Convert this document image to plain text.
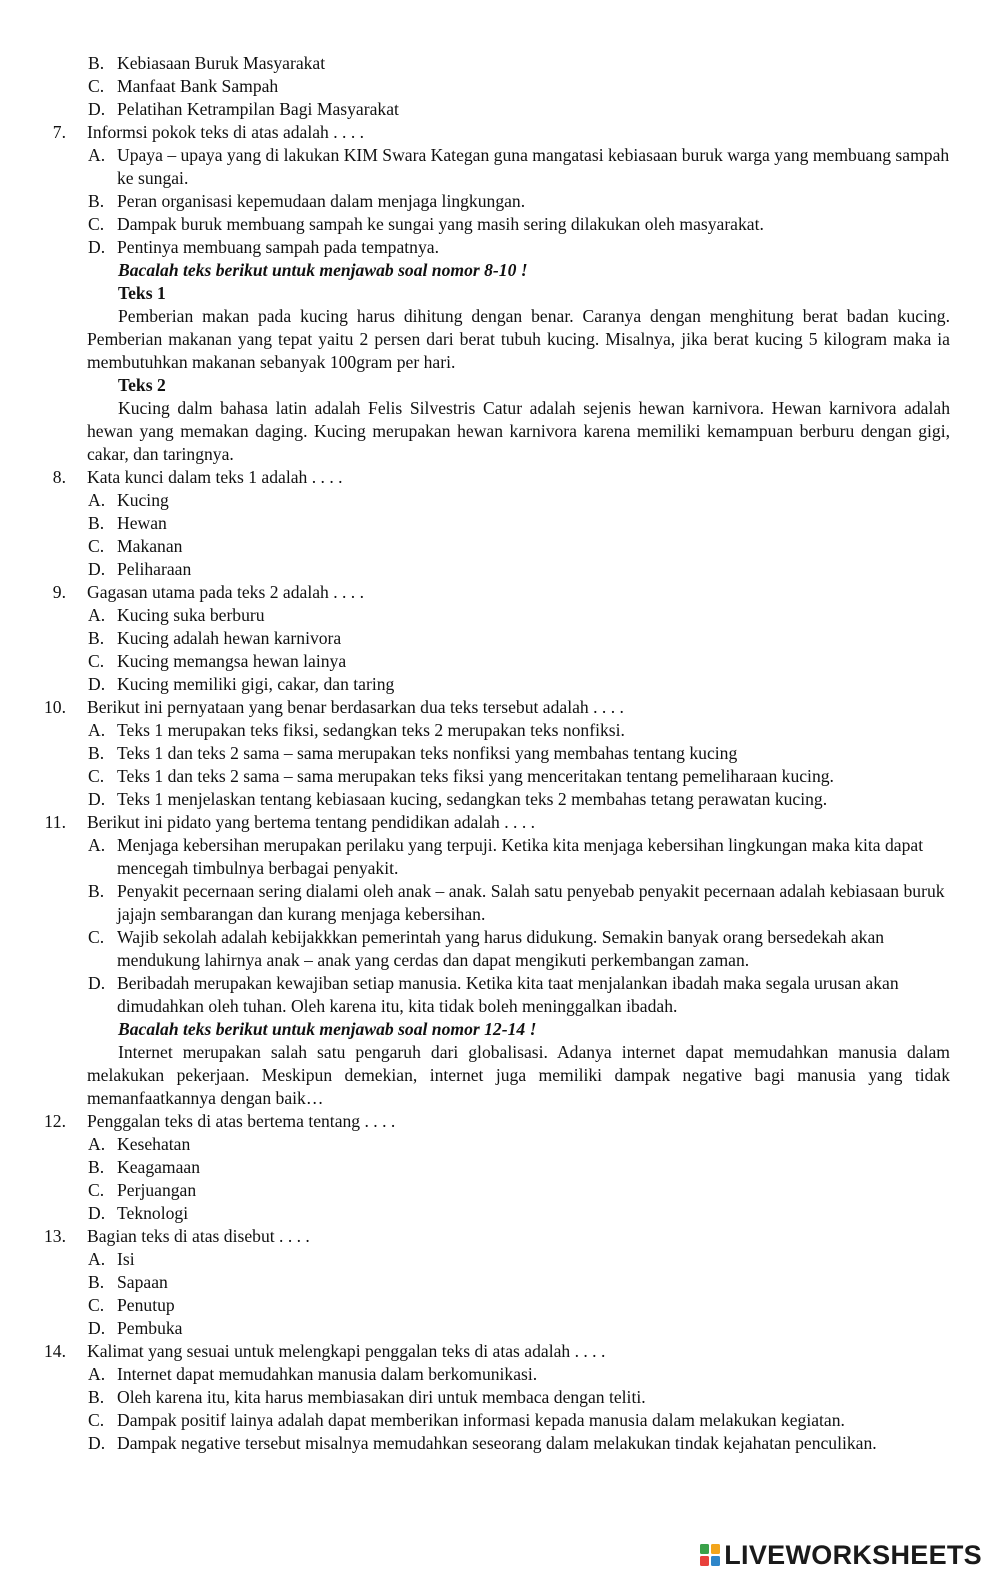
B. Kebiasaan Buruk Masyarakat
C. Manfaat Bank Sampah
D. Pelatihan Ketrampilan Bagi Masyarakat
7. Informsi pokok teks di atas adalah . . . .
A. Upaya – upaya yang di lakukan KIM Swara Kategan guna mangatasi kebiasaan buruk warga yang membuang sampah ke sungai.
B. Peran organisasi kepemudaan dalam menjaga lingkungan.
C. Dampak buruk membuang sampah ke sungai yang masih sering dilakukan oleh masyarakat.
D. Pentinya membuang sampah pada tempatnya.
Bacalah teks berikut untuk menjawab soal nomor 8-10 !
Teks 1
Pemberian makan pada kucing harus dihitung dengan benar. Caranya dengan menghitung berat badan kucing. Pemberian makanan yang tepat yaitu 2 persen dari berat tubuh kucing. Misalnya, jika berat kucing 5 kilogram maka ia membutuhkan makanan sebanyak 100gram per hari.
Teks 2
Kucing dalm bahasa latin adalah Felis Silvestris Catur adalah sejenis hewan karnivora. Hewan karnivora adalah hewan yang memakan daging. Kucing merupakan hewan karnivora karena memiliki kemampuan berburu dengan gigi, cakar, dan taringnya.
8. Kata kunci dalam teks 1 adalah . . . .
A. Kucing
B. Hewan
C. Makanan
D. Peliharaan
9. Gagasan utama pada teks 2 adalah . . . .
A. Kucing suka berburu
B. Kucing adalah hewan karnivora
C. Kucing memangsa hewan lainya
D. Kucing memiliki gigi, cakar, dan taring
10. Berikut ini pernyataan yang benar berdasarkan dua teks tersebut adalah . . . .
A. Teks 1 merupakan teks fiksi, sedangkan teks 2 merupakan teks nonfiksi.
B. Teks 1 dan teks 2 sama – sama merupakan teks nonfiksi yang membahas tentang kucing
C. Teks 1 dan teks 2 sama – sama merupakan teks fiksi yang menceritakan tentang pemeliharaan kucing.
D. Teks 1 menjelaskan tentang kebiasaan kucing, sedangkan teks 2 membahas tetang perawatan kucing.
11. Berikut ini pidato yang bertema tentang pendidikan adalah . . . .
A. Menjaga kebersihan merupakan perilaku yang terpuji. Ketika kita menjaga kebersihan lingkungan maka kita dapat mencegah timbulnya berbagai penyakit.
B. Penyakit pecernaan sering dialami oleh anak – anak. Salah satu penyebab penyakit pecernaan adalah kebiasaan buruk jajajn sembarangan dan kurang menjaga kebersihan.
C. Wajib sekolah adalah kebijakkkan pemerintah yang harus didukung. Semakin banyak orang bersedekah akan mendukung lahirnya anak – anak yang cerdas dan dapat mengikuti perkembangan zaman.
D. Beribadah merupakan kewajiban setiap manusia. Ketika kita taat menjalankan ibadah maka segala urusan akan dimudahkan oleh tuhan. Oleh karena itu, kita tidak boleh meninggalkan ibadah.
Bacalah teks berikut untuk menjawab soal nomor 12-14 !
Internet merupakan salah satu pengaruh dari globalisasi. Adanya internet dapat memudahkan manusia dalam melakukan pekerjaan. Meskipun demekian, internet juga memiliki dampak negative bagi manusia yang tidak memanfaatkannya dengan baik…
12. Penggalan teks di atas bertema tentang . . . .
A. Kesehatan
B. Keagamaan
C. Perjuangan
D. Teknologi
13. Bagian teks di atas disebut . . . .
A. Isi
B. Sapaan
C. Penutup
D. Pembuka
14. Kalimat yang sesuai untuk melengkapi penggalan teks di atas adalah . . . .
A. Internet dapat memudahkan manusia dalam berkomunikasi.
B. Oleh karena itu, kita harus membiasakan diri untuk membaca dengan teliti.
C. Dampak positif lainya adalah dapat memberikan informasi kepada manusia dalam melakukan kegiatan.
D. Dampak negative tersebut misalnya memudahkan seseorang dalam melakukan tindak kejahatan penculikan.
LIVEWORKSHEETS
